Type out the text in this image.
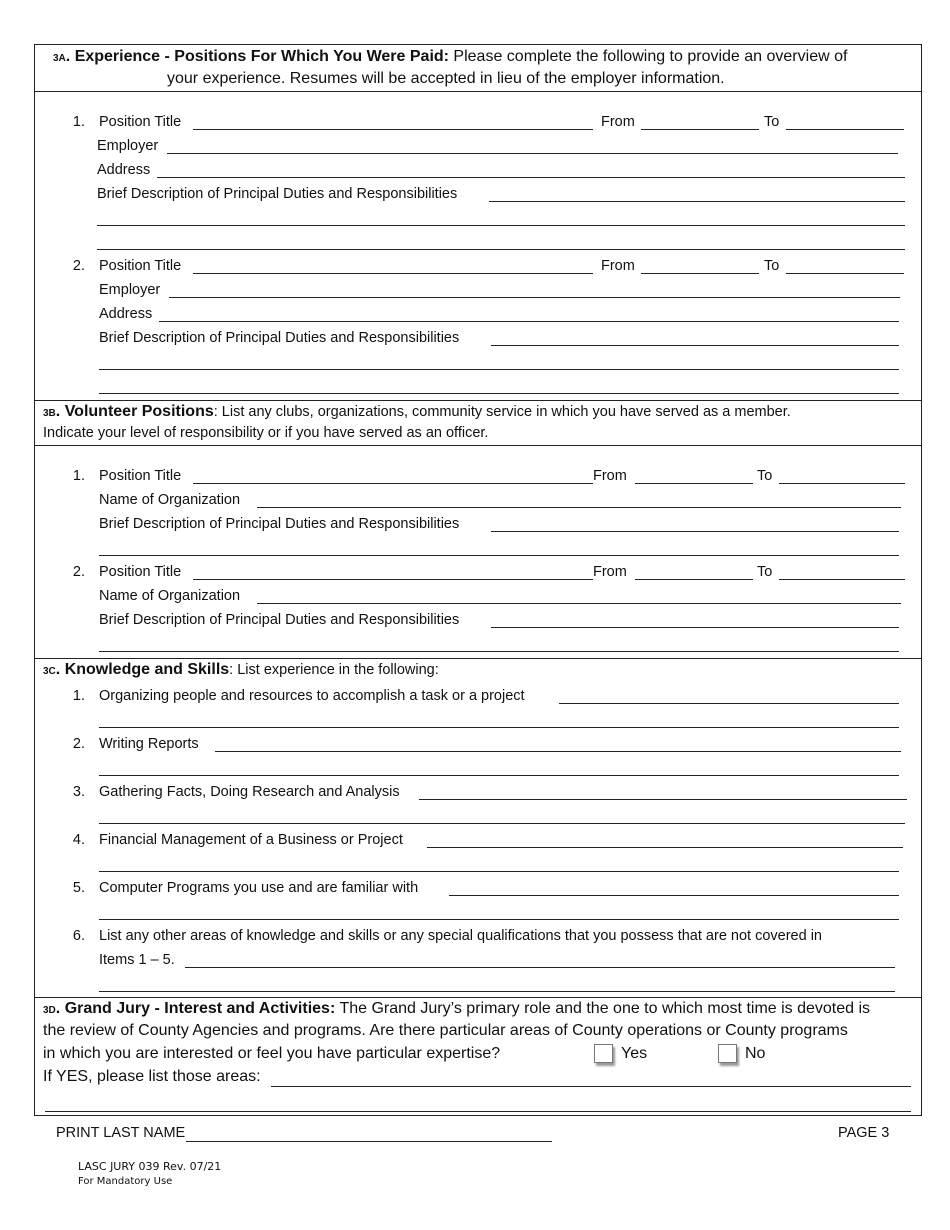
3A. Experience - Positions For Which You Were Paid: Please complete the following to provide an overview of
your experience. Resumes will be accepted in lieu of the employer information.
1. Position Title	From	To
Employer
Address
Brief Description of Principal Duties and Responsibilities
2. Position Title	From	To
Employer
Address
Brief Description of Principal Duties and Responsibilities
3B. Volunteer Positions: List any clubs, organizations, community service in which you have served as a member.
Indicate your level of responsibility or if you have served as an officer.
1. Position Title	From	To
Name of Organization
Brief Description of Principal Duties and Responsibilities
2. Position Title	From	To
Name of Organization
Brief Description of Principal Duties and Responsibilities
3C. Knowledge and Skills: List experience in the following:
1. Organizing people and resources to accomplish a task or a project
2. Writing Reports
3. Gathering Facts, Doing Research and Analysis
4. Financial Management of a Business or Project
5. Computer Programs you use and are familiar with
6. List any other areas of knowledge and skills or any special qualifications that you possess that are not covered in
Items 1 – 5.
3D. Grand Jury - Interest and Activities: The Grand Jury’s primary role and the one to which most time is devoted is
the review of County Agencies and programs. Are there particular areas of County operations or County programs
in which you are interested or feel you have particular expertise?	Yes	No
If YES, please list those areas:
PRINT LAST NAME	PAGE 3
LASC JURY 039 Rev. 07/21
For Mandatory Use
